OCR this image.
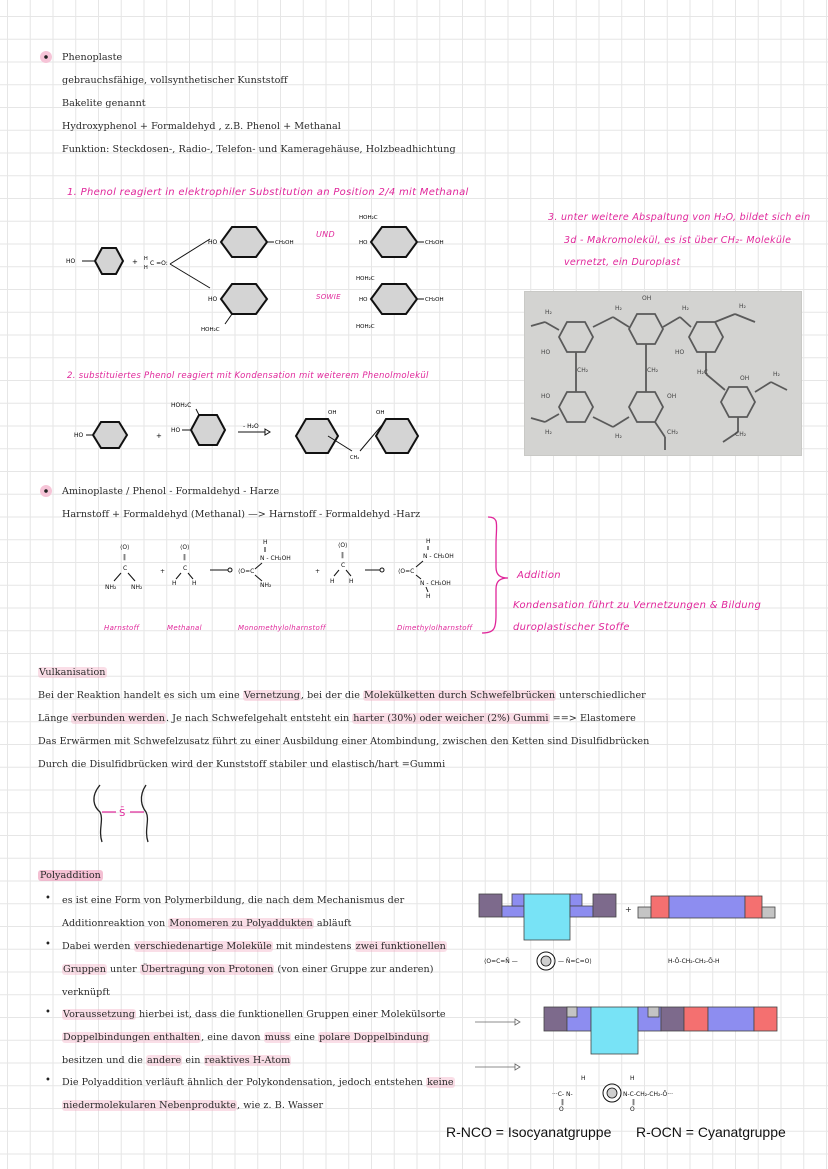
Phenoplaste
gebrauchsfähige, vollsynthetischer Kunststoff
Bakelite genannt
Hydroxyphenol + Formaldehyd , z.B. Phenol + Methanal
Funktion: Steckdosen-, Radio-, Telefon- und Kameragehäuse, Holzbeadhichtung
1. Phenol reagiert in elektrophiler Substitution an Position 2/4 mit Methanal
HO	+ H
H
C =O:
HO	CH₂OH
HO
HOH₂C
HOH₂C
HO	CH₂OH
HOH₂C
HO	CH₂OH
HOH₂C
UND
SOWIE
3. unter weitere Abspaltung von H₂O, bildet sich ein
3d - Makromolekül, es ist über CH₂- Moleküle
vernetzt, ein Duroplast
H₂
H₂	H₂	H₂
OH
HO	HO
CH₂	CH₂	H₂C
OH
HO	OH
H₂
H₂
H₂
CH₂	CH₂
2. substituiertes Phenol reagiert mit Kondensation mit weiterem Phenolmolekül
HO	+
HO
HOH₂C
- H₂O
CH₂
OH	OH
Aminoplaste / Phenol - Formaldehyd - Harze
Harnstoff + Formaldehyd (Methanal) —> Harnstoff - Formaldehyd -Harz
⟨O⟩
‖
C
NH₂ NH₂
+
⟨O⟩
‖
C
H	H
H
N - CH₂OH
⟨O=C
NH₂
+
⟨O⟩
‖
C
H H
H
N - CH₂OH
⟨O=C
N - CH₂OH
H
Harnstoff	Methanal	Monomethylolharnstoff	Dimethylolharnstoff
Addition
Kondensation führt zu Vernetzungen & Bildung
duroplastischer Stoffe
Vulkanisation
Bei der Reaktion handelt es sich um eine Vernetzung, bei der die Molekülketten durch Schwefelbrücken unterschiedlicher
Länge verbunden werden. Je nach Schwefelgehalt entsteht ein harter (30%) oder weicher (2%) Gummi ==> Elastomere
Das Erwärmen mit Schwefelzusatz führt zu einer Ausbildung einer Atombindung, zwischen den Ketten sind Disulfidbrücken
Durch die Disulfidbrücken wird der Kunststoff stabiler und elastisch/hart =Gummi
S̄
Polyaddition
• es ist eine Form von Polymerbildung, die nach dem Mechanismus der
Additionreaktion von Monomeren zu Polyaddukten abläuft
• Dabei werden verschiedenartige Moleküle mit mindestens zwei funktionellen
Gruppen unter Übertragung von Protonen (von einer Gruppe zur anderen)
verknüpft
• Voraussetzung hierbei ist, dass die funktionellen Gruppen einer Molekülsorte
Doppelbindungen enthalten, eine davon muss eine polare Doppelbindung
besitzen und die andere ein reaktives H-Atom
• Die Polyaddition verläuft ähnlich der Polykondensation, jedoch entstehen keine
niedermolekularen Nebenprodukte, wie z. B. Wasser
+
⟨O=C=N̄ —	— N̄=C=O⟩	H-Ō-CH₂-CH₂-Ō-H
H	H
···C- N-	N-C-CH₂-CH₂-Ō···
‖	‖
O	O
R-NCO = Isocyanatgruppe R-OCN = Cyanatgruppe
